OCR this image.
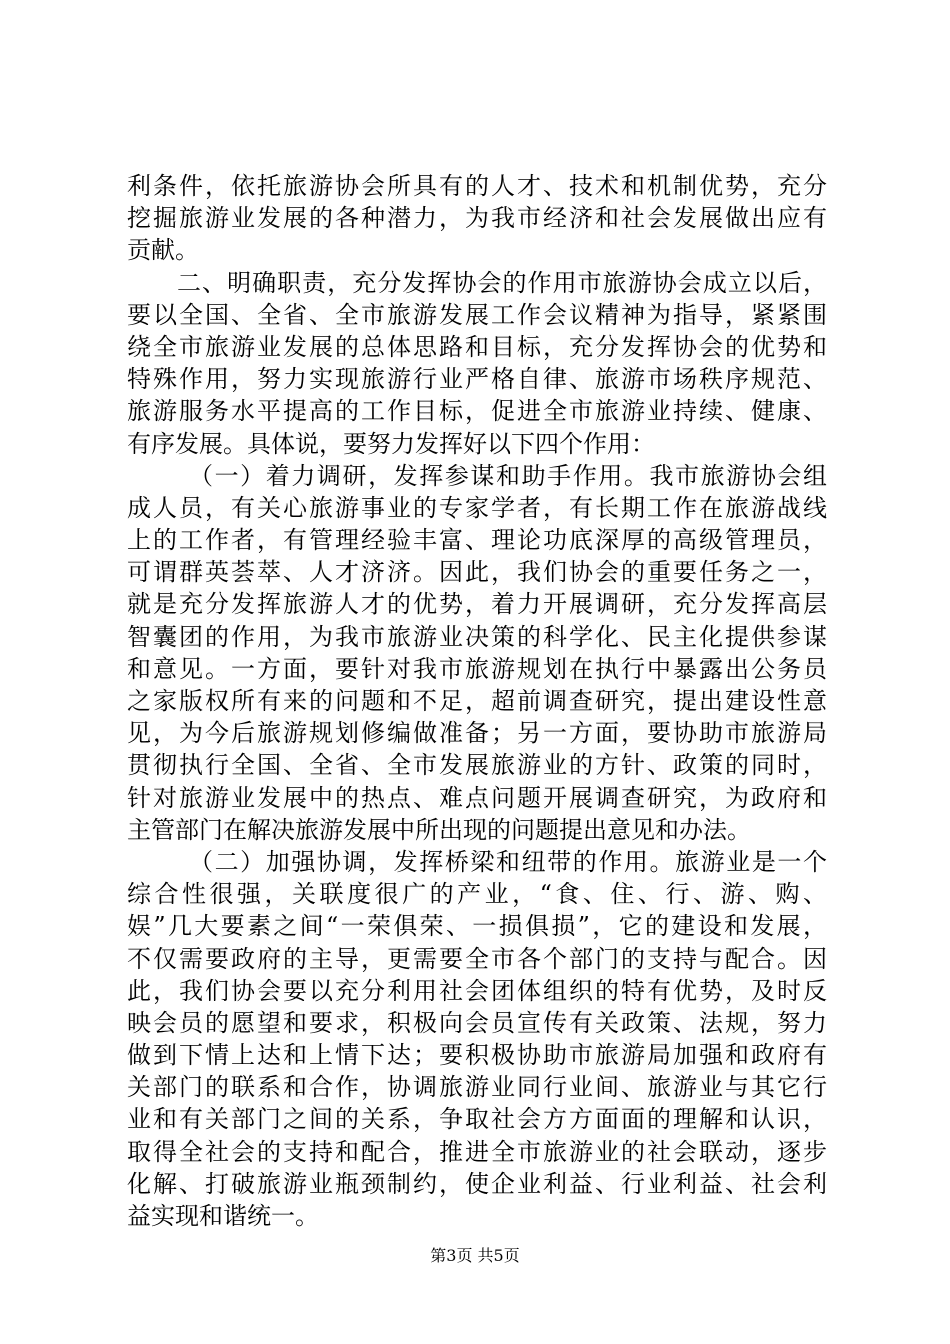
利条件，依托旅游协会所具有的人才、技术和机制优势，充分
挖掘旅游业发展的各种潜力，为我市经济和社会发展做出应有
贡献。
二、明确职责，充分发挥协会的作用市旅游协会成立以后，
要以全国、全省、全市旅游发展工作会议精神为指导，紧紧围
绕全市旅游业发展的总体思路和目标，充分发挥协会的优势和
特殊作用，努力实现旅游行业严格自律、旅游市场秩序规范、
旅游服务水平提高的工作目标，促进全市旅游业持续、健康、
有序发展。具体说，要努力发挥好以下四个作用：
（一）着力调研，发挥参谋和助手作用。我市旅游协会组
成人员，有关心旅游事业的专家学者，有长期工作在旅游战线
上的工作者，有管理经验丰富、理论功底深厚的高级管理员，
可谓群英荟萃、人才济济。因此，我们协会的重要任务之一，
就是充分发挥旅游人才的优势，着力开展调研，充分发挥高层
智囊团的作用，为我市旅游业决策的科学化、民主化提供参谋
和意见。一方面，要针对我市旅游规划在执行中暴露出公务员
之家版权所有来的问题和不足，超前调查研究，提出建设性意
见，为今后旅游规划修编做准备；另一方面，要协助市旅游局
贯彻执行全国、全省、全市发展旅游业的方针、政策的同时，
针对旅游业发展中的热点、难点问题开展调查研究，为政府和
主管部门在解决旅游发展中所出现的问题提出意见和办法。
（二）加强协调，发挥桥梁和纽带的作用。旅游业是一个
综合性很强，关联度很广的产业，“食、住、行、游、购、
娱”几大要素之间“一荣俱荣、一损俱损”，它的建设和发展，
不仅需要政府的主导，更需要全市各个部门的支持与配合。因
此，我们协会要以充分利用社会团体组织的特有优势，及时反
映会员的愿望和要求，积极向会员宣传有关政策、法规，努力
做到下情上达和上情下达；要积极协助市旅游局加强和政府有
关部门的联系和合作，协调旅游业同行业间、旅游业与其它行
业和有关部门之间的关系，争取社会方方面面的理解和认识，
取得全社会的支持和配合，推进全市旅游业的社会联动，逐步
化解、打破旅游业瓶颈制约，使企业利益、行业利益、社会利
益实现和谐统一。
第3页 共5页
